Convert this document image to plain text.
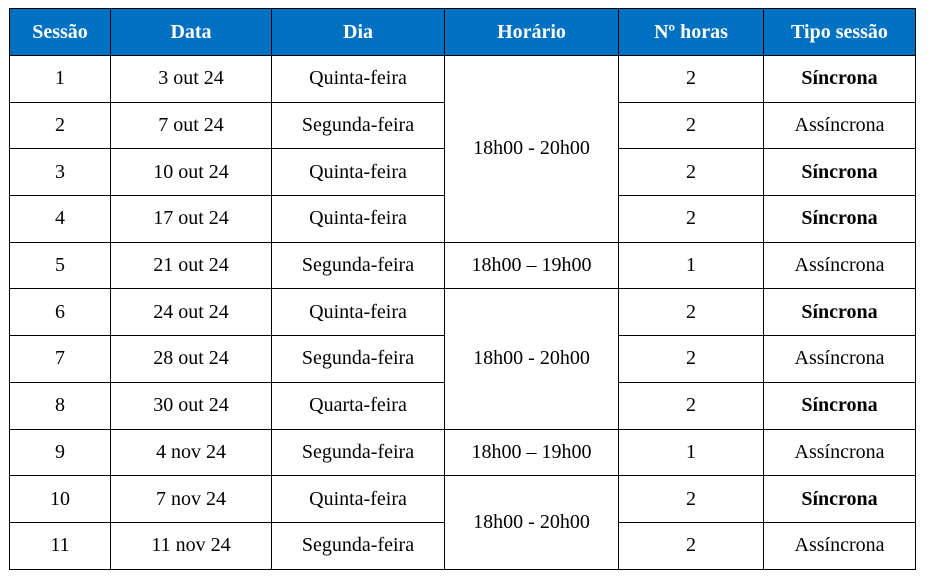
Sessão	Data	Dia	Horário	Nº horas	Tipo sessão
1	3 out 24	Quinta-feira	18h00 - 20h00	2	Síncrona
2	7 out 24	Segunda-feira		2	Assíncrona
3	10 out 24	Quinta-feira		2	Síncrona
4	17 out 24	Quinta-feira		2	Síncrona
5	21 out 24	Segunda-feira	18h00 – 19h00	1	Assíncrona
6	24 out 24	Quinta-feira	18h00 - 20h00	2	Síncrona
7	28 out 24	Segunda-feira		2	Assíncrona
8	30 out 24	Quarta-feira		2	Síncrona
9	4 nov 24	Segunda-feira	18h00 – 19h00	1	Assíncrona
10	7 nov 24	Quinta-feira	18h00 - 20h00	2	Síncrona
11	11 nov 24	Segunda-feira		2	Assíncrona
